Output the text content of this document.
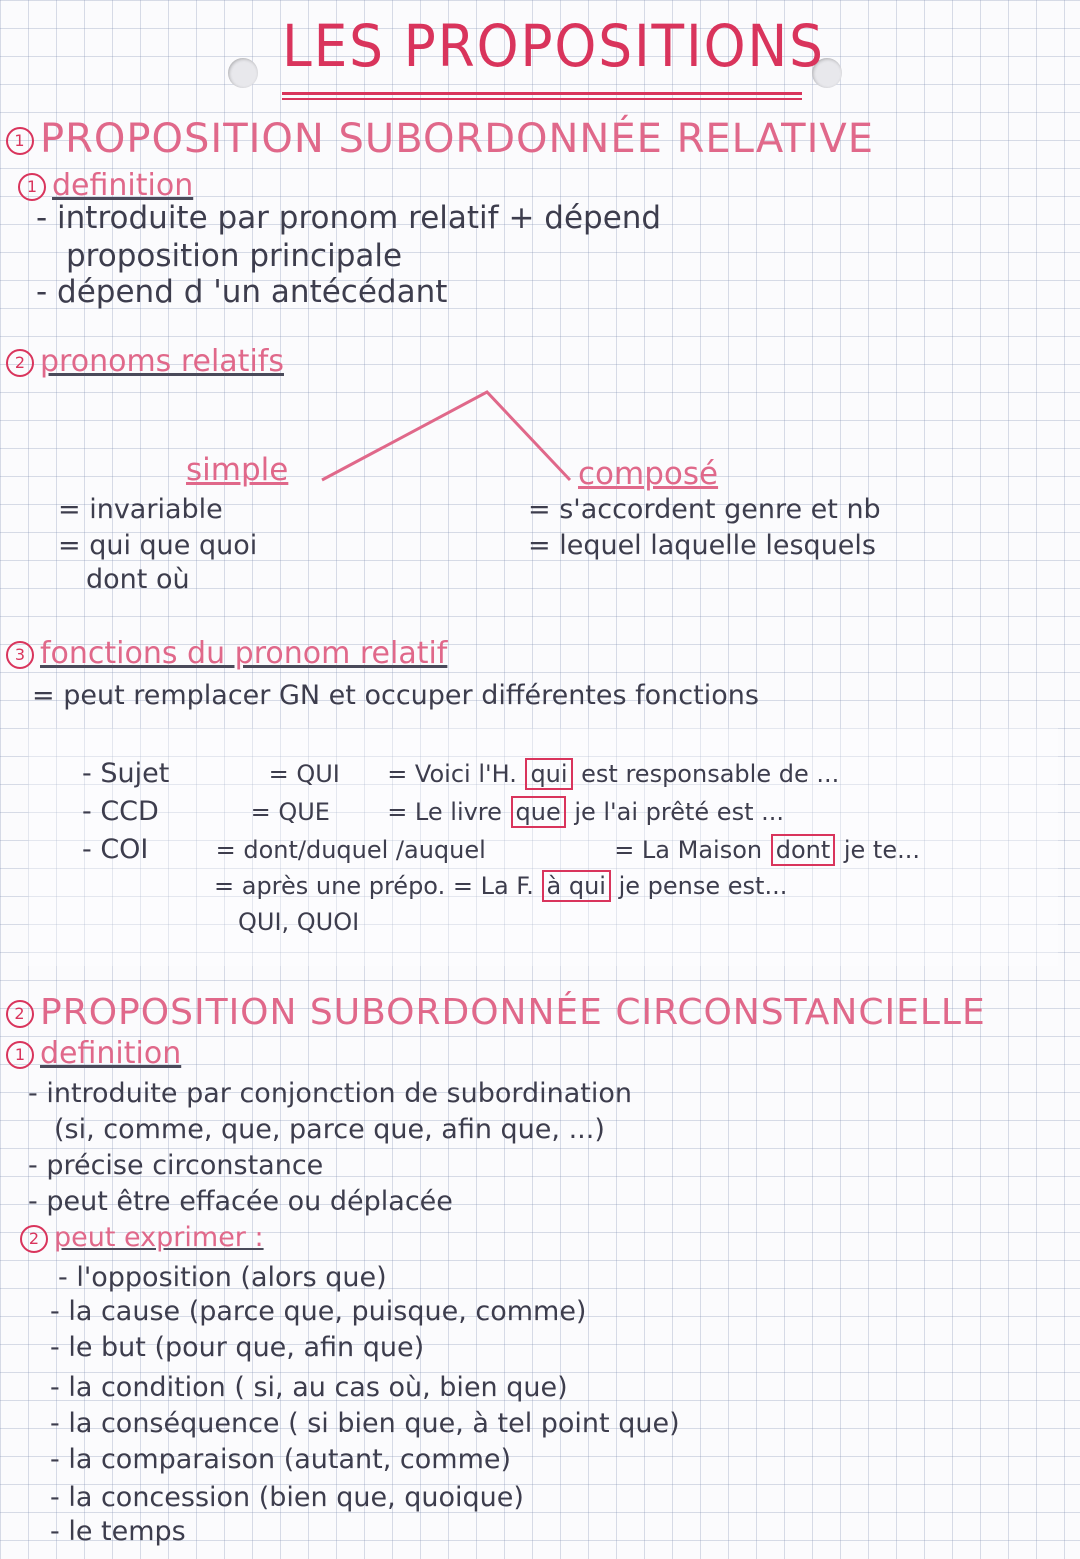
LES PROPOSITIONS
1 PROPOSITION SUBORDONNÉE RELATIVE
1 definition
- introduite par pronom relatif + dépend
proposition principale
- dépend d 'un antécédant
2 pronoms relatifs
simple
= invariable
= qui que quoi
dont où
composé
= s'accordent genre et nb
= lequel laquelle lesquels
3 fonctions du pronom relatif
= peut remplacer GN et occuper différentes fonctions
- Sujet	= QUI = Voici l'H. qui est responsable de ...
- CCD	= QUE = Le livre que je l'ai prêté est ...
- COI	= dont/duquel /auquel	= La Maison dont je te...
= après une prépo. = La F. à qui je pense est...
QUI, QUOI
2 PROPOSITION SUBORDONNÉE CIRCONSTANCIELLE
1 definition
- introduite par conjonction de subordination
(si, comme, que, parce que, afin que, ...)
- précise circonstance
- peut être effacée ou déplacée
2 peut exprimer :
- l'opposition (alors que)
- la cause (parce que, puisque, comme)
- le but (pour que, afin que)
- la condition ( si, au cas où, bien que)
- la conséquence ( si bien que, à tel point que)
- la comparaison (autant, comme)
- la concession (bien que, quoique)
- le temps
